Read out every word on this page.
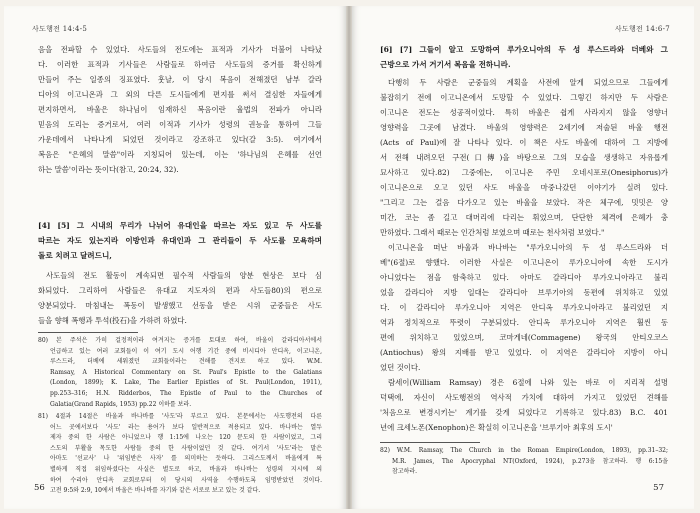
사도행전 14:4-5
음을 전파할 수 있었다. 사도들의 전도에는 표적과 기사가 더불어 나타났
다. 이러한 표적과 기사들은 사람들로 하여금 사도들의 증거를 확신하게
만들어 주는 일종의 징표였다. 훗날, 이 당시 복음이 전해졌던 남부 갈라
디아의 이고니온과 그 외의 다른 도시들에게 편지를 써서 결심한 자들에게
편지하면서, 바울은 하나님이 임재하신 복음이란 율법의 전파가 아니라
믿음의 도리는 증거로서, 여러 이적과 기사가 성령의 권능을 통하여 그들
가운데에서 나타나게 되었던 것이라고 강조하고 있다(갈 3:5). 여기에서
복음은 "은혜의 말씀"이라 지칭되어 있는데, 이는 '하나님의 은혜를 선언
하는 말씀'이라는 뜻이다(참고, 20:24, 32).
[4] [5] 그 시내의 무리가 나뉘어 유대인을 따르는 자도 있고 두 사도를
따르는 자도 있는지라 이방인과 유대인과 그 관리들이 두 사도를 모욕하며
돌로 치려고 달려드니,
사도들의 전도 활동이 계속되면 필수적 사람들의 양분 현상은 보다 심
화되었다. 그리하여 사람들은 유대교 지도자의 편과 사도들80)의 편으로
양분되었다. 마침내는 폭동이 발생했고 선동을 받은 시위 군중들은 사도
들을 향해 폭행과 투석(投石)을 가하려 하였다.
80) 본 주석은 가히 걸정적이라 여겨지는 증거를 토대로 하여, 바울이 갈라디아서에서
언급하고 있는 여러 교회들이 이 여기 도시 어행 기간 중에 비시디아 안디옥, 이고니온,
루스드라, 더베에 세워졌던 교회들이라는 견해를 견지로 하고 있다. W.M.
Ramsay, A Historical Commentary on St. Paul's Epistle to the Galatians
(London, 1899); K. Lake, The Earlier Epistles of St. Paul(London, 1911),
pp.253–316; H.N. Ridderbos, The Epistle of Paul to the Churches of
Galatia(Grand Rapids, 1953) pp.22 이하를 보라.
81) 4절과 14절은 바울과 바나바를 '사도'라 부르고 있다. 본문에서는 사도행전의 다른
어느 곳에서보다 '사도' 라는 용어가 보다 일반적으로 적용되고 있다. 바나바는 열두
제자 중의 한 사람은 아니었으나 행 1:15에 나오는 120 문도의 한 사람이었고, 그리
스도의 부활을 목도한 사람들 중의 한 사람이었던 것 같다. 여기서 '사도'라는 말은
아마도 '선교사' 나 '위임받은 사자' 를 의미하는 듯하다. 그리스도께서 바울에게 특
별하게 직접 위임하셨다는 사실은 별도로 하고, 바울과 바나바는 성령의 지시에 의
하여 수리아 안디옥 교회로부터 이 당시의 사역을 수행하도록 임명받았던 것이다.
고전 9:5와 2:9, 10에서 바울은 바나바를 자기와 같은 서로로 보고 있는 것 같다.
56
사도행전 14:6-7
[6] [7] 그들이 알고 도망하여 루가오니아의 두 성 루스드라와 더베와 그
근방으로 가서 거기서 복음을 전하니라.
다행히 두 사람은 군중들의 계획을 사전에 알게 되었으므로 그들에게
불잡히기 전에 이고니온에서 도망할 수 있었다. 그렇긴 하지만 두 사람은
이고니온 전도는 성공적이었다. 특히 바울은 쉽게 사라지지 않을 영향너
영향력을 그곳에 남겼다. 바울의 영향력은 2세기에 저술된 바울 행전
(Acts of Paul)에 잘 나타나 있다. 이 책은 사도 바울에 대하여 그 지방에
서 전해 내려오던 구전(口傳)을 바탕으로 그의 모습을 생생하고 자유롭게
묘사하고 있다.82) 그중에는, 이고니온 주민 오네시포로(Onesiphorus)가
이고니온으로 오고 있던 사도 바울을 마중나갔던 이야기가 실려 있다.
"그리고 그는 걸음 다가오고 있는 바울을 보았다. 작은 체구에, 밋밋은 양
미간, 코는 좀 길고 대머리에 다리는 휘었으며, 단단한 체격에 은혜가 충
만하였다. 그래서 때로는 인간처럼 보였으며 때로는 천사처럼 보였다."
이고니온을 떠난 바울과 바나바는 "루가오니아의 두 성 루스드라와 더
베"(6절)로 향했다. 이러한 사실은 이고니온이 루가오니아에 속한 도시가
아니었다는 점을 함축하고 있다. 아마도 갈라디아 루가오니아라고 불리
었을 갈라디아 지방 일대는 갈라디아 브루기아의 동편에 위치하고 있었
다. 이 갈라디아 루가오니아 지역은 안디옥 루가오니아라고 불리었던 지
역과 정치적으로 뚜렷이 구분되었다. 안디옥 루가오니아 지역은 훨씬 동
편에 위치하고 있었으며, 코마게네(Commagene) 왕국의 안티오코스
(Antiochus) 왕의 지배를 받고 있었다. 이 지역은 갈라디아 지방이 아니
었던 것이다.
람세이(William Ramsay) 경은 6절에 나와 있는 바로 이 지리적 설명
덕택에, 자신이 사도행전의 역사적 가치에 대하여 가지고 있었던 견해를
'처음으로 변경시키는' 계기를 갖게 되었다고 기록하고 있다.83) B.C. 401
년에 크세노폰(Xenophon)은 확실히 이고니온을 '브루기아 최후의 도시'
82) W.M. Ramsay, The Church in the Roman Empire(London, 1893), pp.31–32;
M.R. James, The Apocryphal NT(Oxford, 1924), p.273을 참고하라. 행 6:15을
참고하라.
57
